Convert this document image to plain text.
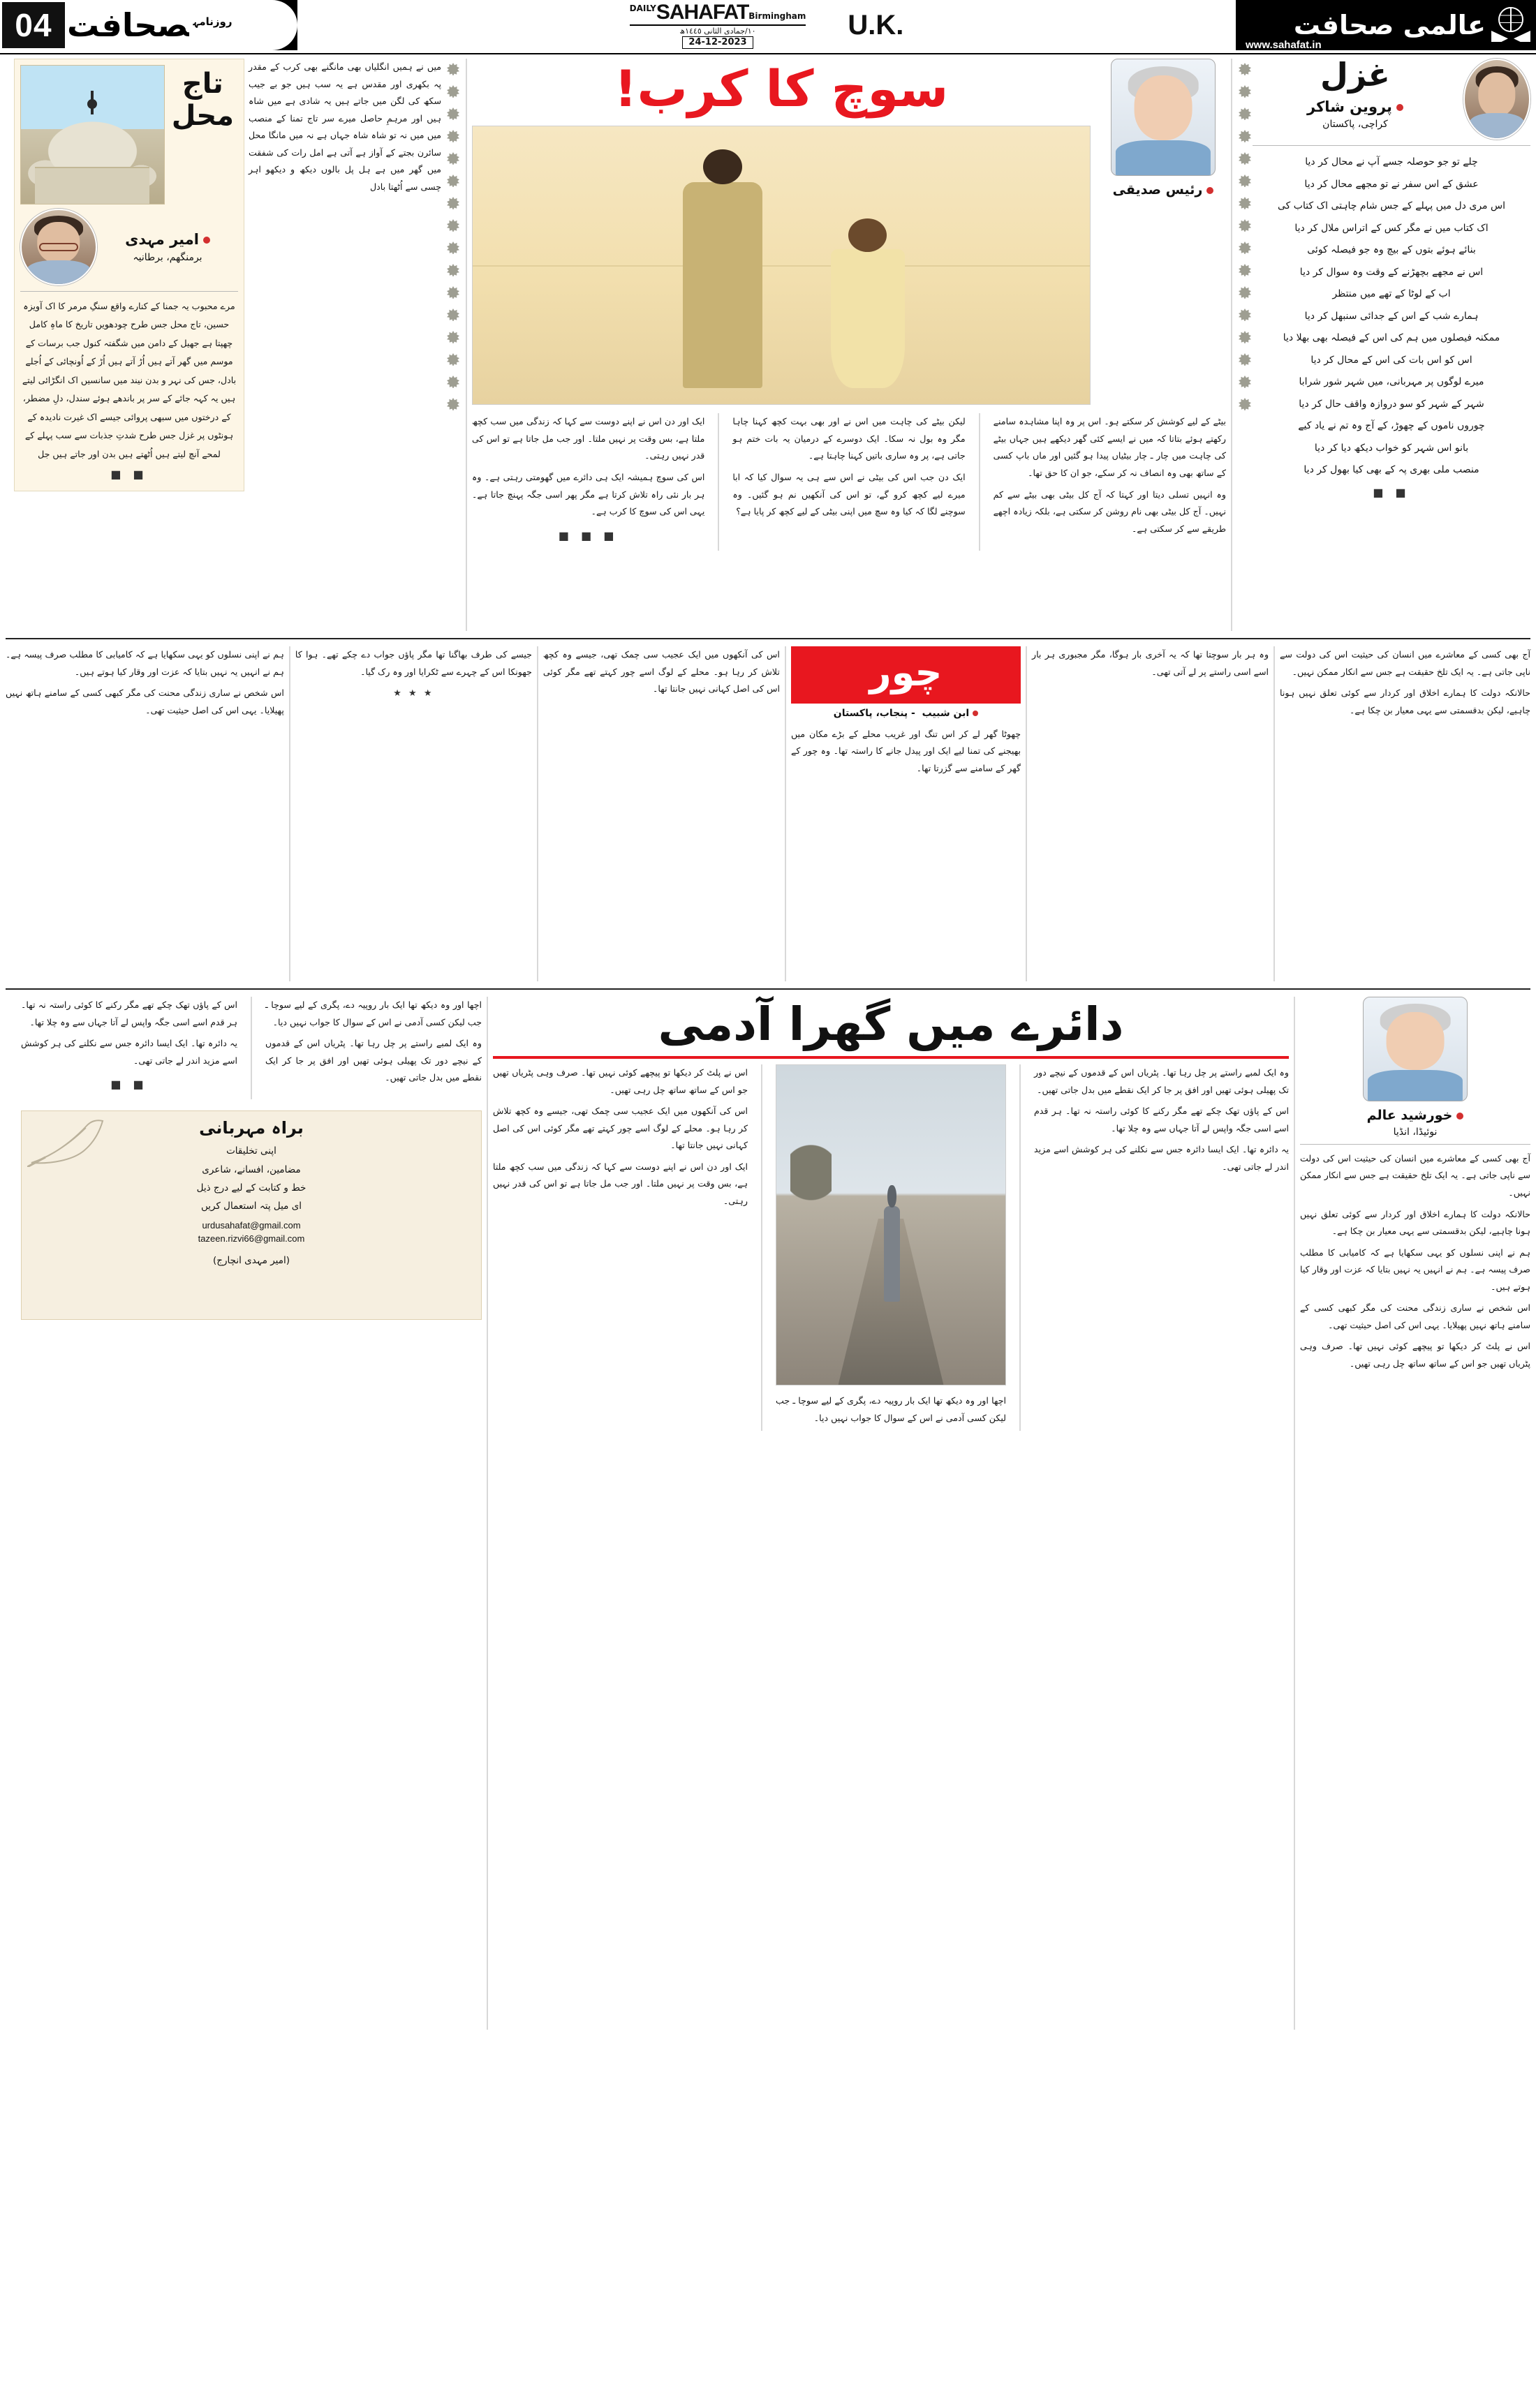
04	$^{روزنامہ}$صحافت	DAILYSAHAFATBirmingham
١٠/جمادی الثانی ١٤٤٥ھ
24-12-2023
U.K.	عالمی صحافت
www.sahafat.in
غزل
پروین شاکر
کراچی، پاکستان
چلے تو جو حوصلہ جسے آپ نے محال کر دیا
عشق کے اس سفر نے تو مجھے محال کر دیا
اس مری دل میں پہلے کے جس شام چاہتی اک کتاب کی
اک کتاب میں نے مگر کس کے اتراس ملال کر دیا
بنائے ہوئے بتوں کے بیچ وہ جو فیصلہ کوئی
اس نے مجھے بچھڑنے کے وقت وہ سوال کر دیا
اب کے لوٹا کے تھے میں منتظر
ہمارے شب کے اس کے جدائی سنبھل کر دیا
ممکنہ فیصلوں میں ہم کی اس کے فیصلہ بھی بھلا دیا
اس کو اس بات کی اس کے محال کر دیا
میرے لوگوں پر مہربانی، میں شہر شور شرابا
شہر کے شہر کو سو دروازہ واقف حال کر دیا
چوروں ناموں کے چھوڑ، کے آج وہ تم نے یاد کیے
بانو اس شہر کو خواب دیکھ دیا کر دیا
منصب ملی بھری پہ کے بھی کیا بھول کر دیا
■ ■
رئیس صدیقی
سوچ کا کرب!

بیٹے کے لیے کوشش کر سکتے ہو۔ اس پر وہ اپنا مشاہدہ سامنے رکھتے ہوئے بتاتا کہ میں نے ایسے کئی گھر دیکھے ہیں جہاں بیٹے کی چاہت میں چار ـ چار بیٹیاں پیدا ہو گئیں اور ماں باپ کسی کے ساتھ بھی وہ انصاف نہ کر سکے، جو ان کا حق تھا۔

وہ انہیں تسلی دیتا اور کہتا کہ آج کل بیٹی بھی بیٹے سے کم نہیں۔ آج کل بیٹی بھی نام روشن کر سکتی ہے، بلکہ زیادہ اچھے طریقے سے کر سکتی ہے۔

لیکن بیٹے کی چاہت میں اس نے اور بھی بہت کچھ کہنا چاہا مگر وہ بول نہ سکا۔ ایک دوسرے کے درمیان یہ بات ختم ہو جاتی ہے، پر وہ ساری باتیں کہنا چاہتا ہے۔

ایک دن جب اس کی بیٹی نے اس سے ہی یہ سوال کیا کہ ابا میرے لیے کچھ کرو گے، تو اس کی آنکھیں نم ہو گئیں۔ وہ سوچنے لگا کہ کیا وہ سچ میں اپنی بیٹی کے لیے کچھ کر پایا ہے؟

ایک اور دن اس نے اپنے دوست سے کہا کہ زندگی میں سب کچھ ملتا ہے، بس وقت پر نہیں ملتا۔ اور جب مل جاتا ہے تو اس کی قدر نہیں رہتی۔

اس کی سوچ ہمیشہ ایک ہی دائرے میں گھومتی رہتی ہے۔ وہ ہر بار نئی راہ تلاش کرتا ہے مگر پھر اسی جگہ پہنچ جاتا ہے۔ یہی اس کی سوچ کا کرب ہے۔

■ ■ ■

میں نے ہمیں انگلیاں بھی مانگنے بھی کرب کے مقدر پہ بکھری اور مقدس ہے یہ سب ہیں جو بے جیب سکھ کی لگن میں جاتے ہیں یہ شادی ہے میں شاہ ہیں اور مرہمِ حاصل میرے سر تاج تمنا کے منصب میں میں نہ تو شاہ شاہ جہاں ہے نہ میں مانگا محل سائرن بجتے کے آواز ہے آتی ہے امل رات کی شفقت میں گھر میں ہے ہل پل بالوں دیکھ و دیکھو اہر چسی سے اُٹھتا بادل

تاج محل
امیر مہدی
برمنگھم، برطانیہ

مرے محبوب یہ جمنا کے کنارے واقع سنگِ مرمر کا اک آویزہ حسین، تاج محل جس طرح چودھویں تاریخ کا ماہِ کامل چھپتا ہے جھیل کے دامن میں شگفتہ کنول جب برسات کے موسم میں گھر آتے ہیں اُڑ آتے ہیں اُڑ کے اُونچائی کے اُجلے بادل، جس کی نہر و بدن نیند میں سانسیں اک انگڑائی لیتے ہیں یہ کہہ جائے کے سر پر باندھے ہوئے سندل، دلِ مضطر، کے درختوں میں سبھی پروائی جیسے اک غیرت نادیدہ کے ہونٹوں پر غزل جس طرح شدتِ جذبات سے سب پہلے کے لمحے آنچ لیتے ہیں اُٹھتے ہیں بدن اور جاتے ہیں جل

■ ■

آج بھی کسی کے معاشرے میں انسان کی حیثیت اس کی دولت سے ناپی جاتی ہے۔ یہ ایک تلخ حقیقت ہے جس سے انکار ممکن نہیں۔

حالانکہ دولت کا ہمارے اخلاق اور کردار سے کوئی تعلق نہیں ہونا چاہیے، لیکن بدقسمتی سے یہی معیار بن چکا ہے۔

وہ ہر بار سوچتا تھا کہ یہ آخری بار ہوگا، مگر مجبوری ہر بار اسے اسی راستے پر لے آتی تھی۔

چور
ابن شبیب  - پنجاب، پاکستان

چھوٹا گھر لے کر اس تنگ اور غریب محلے کے بڑے مکان میں بھیجنے کی تمنا لیے ایک اور پیدل جانے کا راستہ تھا۔ وہ چور کے گھر کے سامنے سے گزرتا تھا۔

اس کی آنکھوں میں ایک عجیب سی چمک تھی، جیسے وہ کچھ تلاش کر رہا ہو۔ محلے کے لوگ اسے چور کہتے تھے مگر کوئی اس کی اصل کہانی نہیں جانتا تھا۔

جیسے کی طرف بھاگنا تھا مگر پاؤں جواب دے چکے تھے۔ ہوا کا جھونکا اس کے چہرے سے ٹکرایا اور وہ رک گیا۔

★ ★ ★

ہم نے اپنی نسلوں کو یہی سکھایا ہے کہ کامیابی کا مطلب صرف پیسہ ہے۔ ہم نے انہیں یہ نہیں بتایا کہ عزت اور وقار کیا ہوتے ہیں۔

اس شخص نے ساری زندگی محنت کی مگر کبھی کسی کے سامنے ہاتھ نہیں پھیلایا۔ یہی اس کی اصل حیثیت تھی۔

خورشید عالم
نوئیڈا، انڈیا

آج بھی کسی کے معاشرے میں انسان کی حیثیت اس کی دولت سے ناپی جاتی ہے۔ یہ ایک تلخ حقیقت ہے جس سے انکار ممکن نہیں۔

حالانکہ دولت کا ہمارے اخلاق اور کردار سے کوئی تعلق نہیں ہونا چاہیے، لیکن بدقسمتی سے یہی معیار بن چکا ہے۔

ہم نے اپنی نسلوں کو یہی سکھایا ہے کہ کامیابی کا مطلب صرف پیسہ ہے۔ ہم نے انہیں یہ نہیں بتایا کہ عزت اور وقار کیا ہوتے ہیں۔

اس شخص نے ساری زندگی محنت کی مگر کبھی کسی کے سامنے ہاتھ نہیں پھیلایا۔ یہی اس کی اصل حیثیت تھی۔

اس نے پلٹ کر دیکھا تو پیچھے کوئی نہیں تھا۔ صرف وہی پٹریاں تھیں جو اس کے ساتھ ساتھ چل رہی تھیں۔

دائرے میں گھرا آدمی

وہ ایک لمبے راستے پر چل رہا تھا۔ پٹریاں اس کے قدموں کے نیچے دور تک پھیلی ہوئی تھیں اور افق پر جا کر ایک نقطے میں بدل جاتی تھیں۔

اس کے پاؤں تھک چکے تھے مگر رکنے کا کوئی راستہ نہ تھا۔ ہر قدم اسے اسی جگہ واپس لے آتا جہاں سے وہ چلا تھا۔

یہ دائرہ تھا۔ ایک ایسا دائرہ جس سے نکلنے کی ہر کوشش اسے مزید اندر لے جاتی تھی۔

اچھا اور وہ دیکھ تھا ایک بار روپیہ دے، پگری کے لیے سوچا ـ جب لیکن کسی آدمی نے اس کے سوال کا جواب نہیں دیا۔

اس نے پلٹ کر دیکھا تو پیچھے کوئی نہیں تھا۔ صرف وہی پٹریاں تھیں جو اس کے ساتھ ساتھ چل رہی تھیں۔

اس کی آنکھوں میں ایک عجیب سی چمک تھی، جیسے وہ کچھ تلاش کر رہا ہو۔ محلے کے لوگ اسے چور کہتے تھے مگر کوئی اس کی اصل کہانی نہیں جانتا تھا۔

ایک اور دن اس نے اپنے دوست سے کہا کہ زندگی میں سب کچھ ملتا ہے، بس وقت پر نہیں ملتا۔ اور جب مل جاتا ہے تو اس کی قدر نہیں رہتی۔

اچھا اور وہ دیکھ تھا ایک بار روپیہ دے، پگری کے لیے سوچا ـ جب لیکن کسی آدمی نے اس کے سوال کا جواب نہیں دیا۔

وہ ایک لمبے راستے پر چل رہا تھا۔ پٹریاں اس کے قدموں کے نیچے دور تک پھیلی ہوئی تھیں اور افق پر جا کر ایک نقطے میں بدل جاتی تھیں۔

اس کے پاؤں تھک چکے تھے مگر رکنے کا کوئی راستہ نہ تھا۔ ہر قدم اسے اسی جگہ واپس لے آتا جہاں سے وہ چلا تھا۔

یہ دائرہ تھا۔ ایک ایسا دائرہ جس سے نکلنے کی ہر کوشش اسے مزید اندر لے جاتی تھی۔

■ ■
براہ مہربانی
اپنی تخلیقات
مضامین، افسانے، شاعری
خط و کتابت کے لیے درج ذیل
ای میل پتہ استعمال کریں
urdusahafat@gmail.com
tazeen.rizvi66@gmail.com
(امیر مہدی انچارج)
